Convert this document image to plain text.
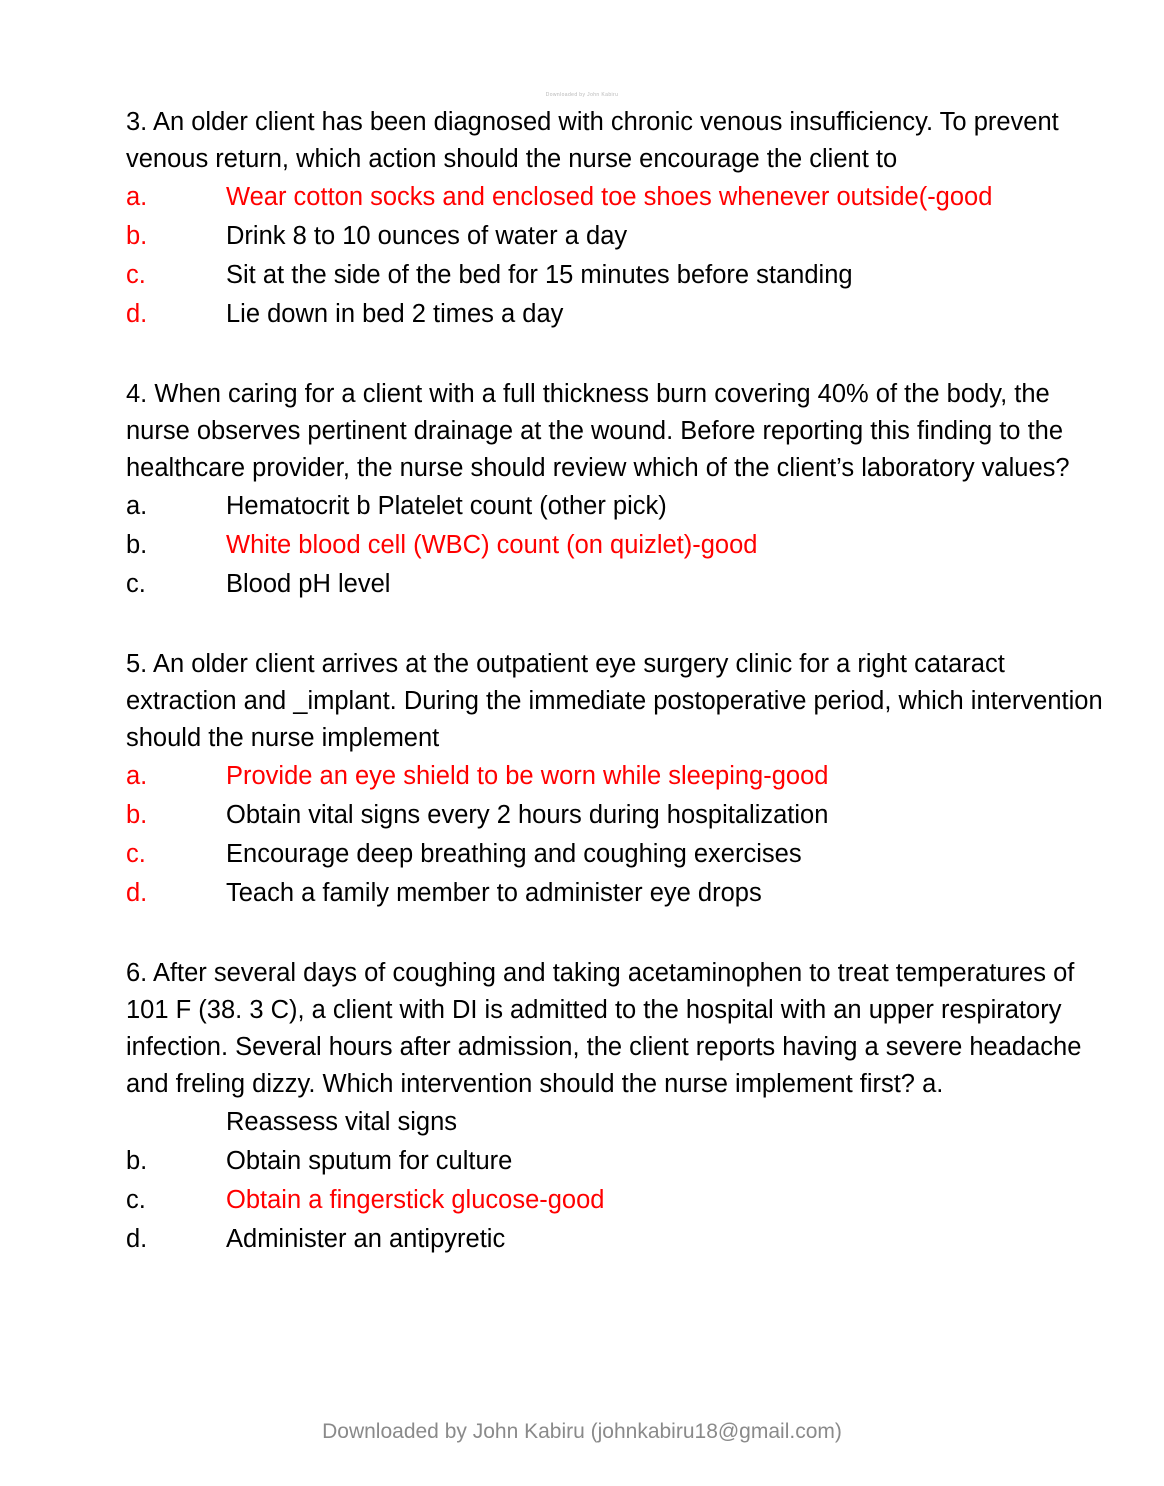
Downloaded by John Kabiru

3. An older client has been diagnosed with chronic venous insufficiency. To prevent venous return, which action should the nurse encourage the client to

a.	Wear cotton socks and enclosed toe shoes whenever outside(-good
b.	Drink 8 to 10 ounces of water a day
c.	Sit at the side of the bed for 15 minutes before standing
d.	Lie down in bed 2 times a day

4. When caring for a client with a full thickness burn covering 40% of the body, the nurse observes pertinent drainage at the wound. Before reporting this finding to the healthcare provider, the nurse should review which of the client’s laboratory values?

a.	Hematocrit b Platelet count (other pick)
b.	White blood cell (WBC) count (on quizlet)-good
c.	Blood pH level

5. An older client arrives at the outpatient eye surgery clinic for a right cataract extraction and _implant. During the immediate postoperative period, which intervention should the nurse implement

a.	Provide an eye shield to be worn while sleeping-good
b.	Obtain vital signs every 2 hours during hospitalization
c.	Encourage deep breathing and coughing exercises
d.	Teach a family member to administer eye drops

6. After several days of coughing and taking acetaminophen to treat temperatures of 101 F (38. 3 C), a client with DI is admitted to the hospital with an upper respiratory infection. Several hours after admission, the client reports having a severe headache and freling dizzy. Which intervention should the nurse implement first? a.

Reassess vital signs
b.	Obtain sputum for culture
c.	Obtain a fingerstick glucose-good
d.	Administer an antipyretic
Downloaded by John Kabiru (johnkabiru18@gmail.com)
